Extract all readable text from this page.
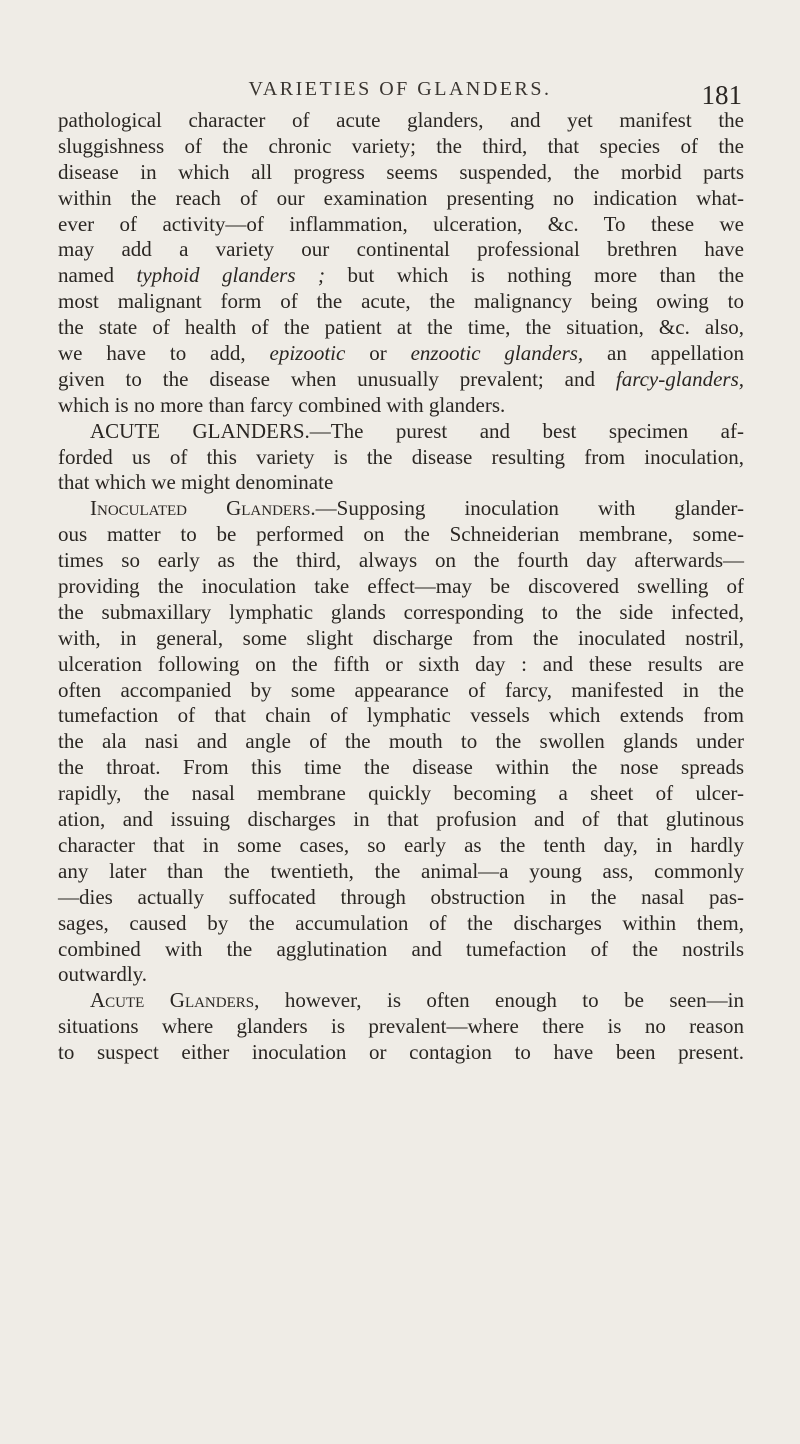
VARIETIES OF GLANDERS.	181
pathological character of acute glanders, and yet manifest the
sluggishness of the chronic variety; the third, that species of the
disease in which all progress seems suspended, the morbid parts
within the reach of our examination presenting no indication what-
ever of activity—of inflammation, ulceration, &c. To these we
may add a variety our continental professional brethren have
named typhoid glanders ; but which is nothing more than the
most malignant form of the acute, the malignancy being owing to
the state of health of the patient at the time, the situation, &c. also,
we have to add, epizootic or enzootic glanders, an appellation
given to the disease when unusually prevalent; and farcy-glanders,
which is no more than farcy combined with glanders.
ACUTE GLANDERS.—The purest and best specimen af-
forded us of this variety is the disease resulting from inoculation,
that which we might denominate
Inoculated Glanders.—Supposing inoculation with glander-
ous matter to be performed on the Schneiderian membrane, some-
times so early as the third, always on the fourth day afterwards—
providing the inoculation take effect—may be discovered swelling of
the submaxillary lymphatic glands corresponding to the side infected,
with, in general, some slight discharge from the inoculated nostril,
ulceration following on the fifth or sixth day : and these results are
often accompanied by some appearance of farcy, manifested in the
tumefaction of that chain of lymphatic vessels which extends from
the ala nasi and angle of the mouth to the swollen glands under
the throat. From this time the disease within the nose spreads
rapidly, the nasal membrane quickly becoming a sheet of ulcer-
ation, and issuing discharges in that profusion and of that glutinous
character that in some cases, so early as the tenth day, in hardly
any later than the twentieth, the animal—a young ass, commonly
—dies actually suffocated through obstruction in the nasal pas-
sages, caused by the accumulation of the discharges within them,
combined with the agglutination and tumefaction of the nostrils
outwardly.
Acute Glanders, however, is often enough to be seen—in
situations where glanders is prevalent—where there is no reason
to suspect either inoculation or contagion to have been present.
